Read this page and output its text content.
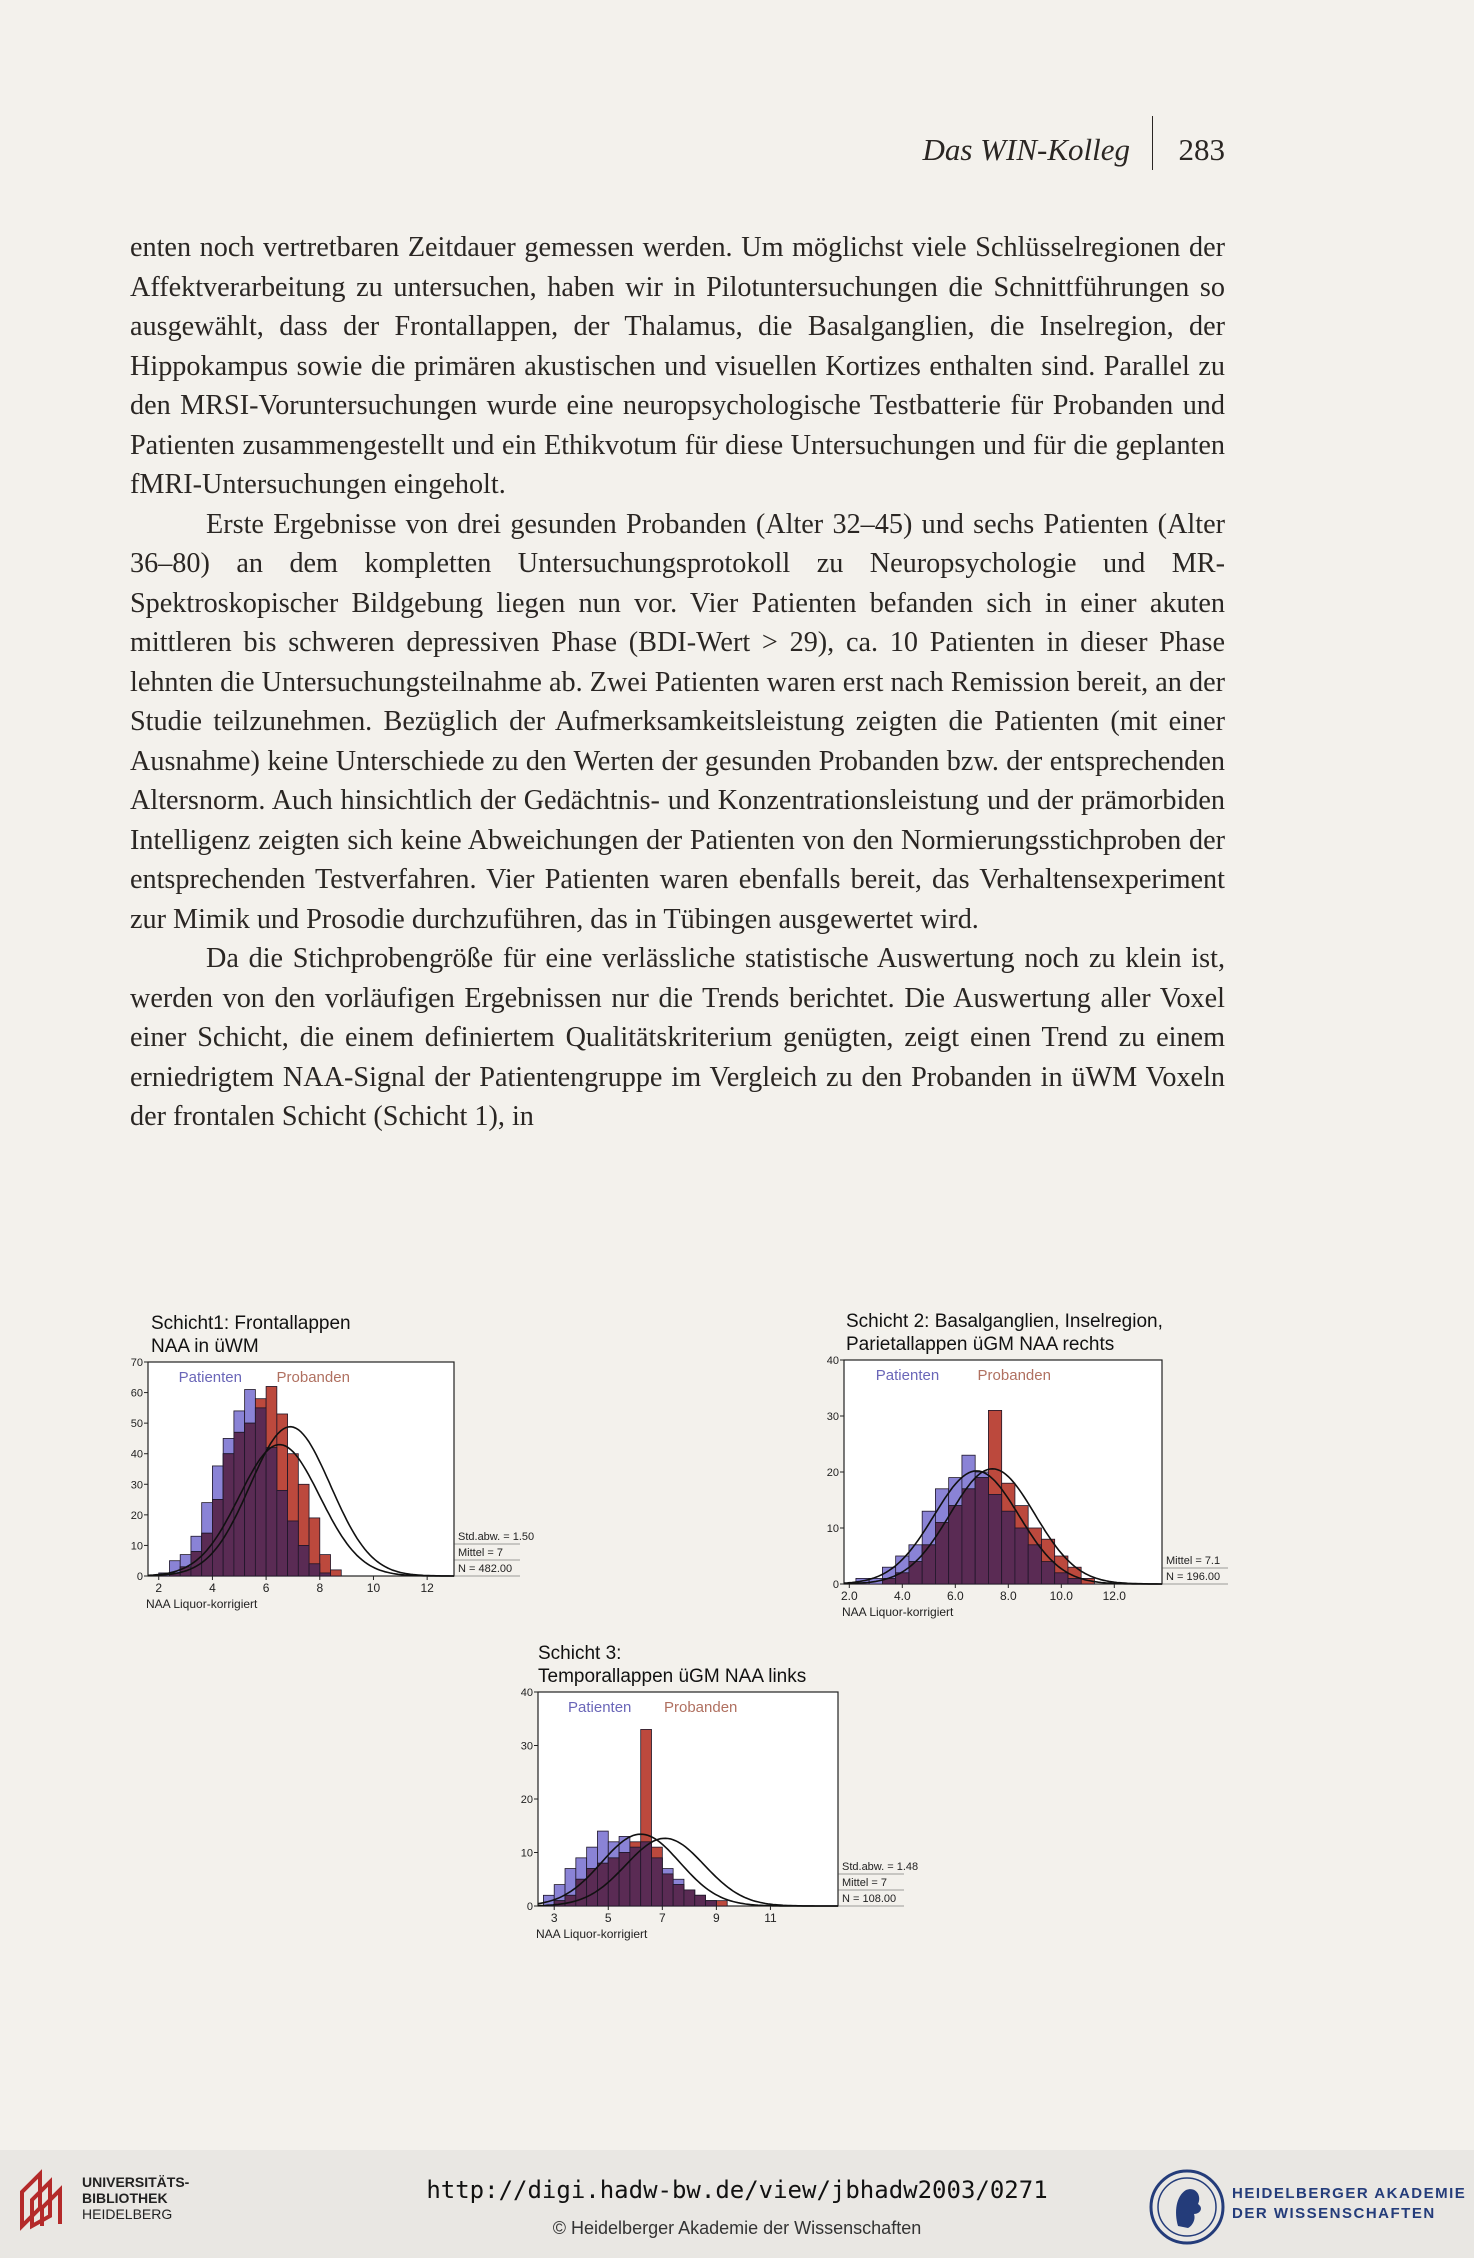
Das WIN-Kolleg 283

enten noch vertretbaren Zeitdauer gemessen werden. Um möglichst viele Schlüsselregionen der Affektverarbeitung zu untersuchen, haben wir in Pilotuntersuchungen die Schnittführungen so ausgewählt, dass der Frontallappen, der Thalamus, die Basalganglien, die Inselregion, der Hippokampus sowie die primären akustischen und visuellen Kortizes enthalten sind. Parallel zu den MRSI-Voruntersuchungen wurde eine neuropsychologische Testbatterie für Probanden und Patienten zusammengestellt und ein Ethikvotum für diese Untersuchungen und für die geplanten fMRI-Untersuchungen eingeholt.

Erste Ergebnisse von drei gesunden Probanden (Alter 32–45) und sechs Patienten (Alter 36–80) an dem kompletten Untersuchungsprotokoll zu Neuropsychologie und MR-Spektroskopischer Bildgebung liegen nun vor. Vier Patienten befanden sich in einer akuten mittleren bis schweren depressiven Phase (BDI-Wert > 29), ca. 10 Patienten in dieser Phase lehnten die Untersuchungsteilnahme ab. Zwei Patienten waren erst nach Remission bereit, an der Studie teilzunehmen. Bezüglich der Aufmerksamkeitsleistung zeigten die Patienten (mit einer Ausnahme) keine Unterschiede zu den Werten der gesunden Probanden bzw. der entsprechenden Altersnorm. Auch hinsichtlich der Gedächtnis- und Konzentrationsleistung und der prämorbiden Intelligenz zeigten sich keine Abweichungen der Patienten von den Normierungsstichproben der entsprechenden Testverfahren. Vier Patienten waren ebenfalls bereit, das Verhaltensexperiment zur Mimik und Prosodie durchzuführen, das in Tübingen ausgewertet wird.

Da die Stichprobengröße für eine verlässliche statistische Auswertung noch zu klein ist, werden von den vorläufigen Ergebnissen nur die Trends berichtet. Die Auswertung aller Voxel einer Schicht, die einem definiertem Qualitätskriterium genügten, zeigt einen Trend zu einem erniedrigtem NAA-Signal der Patientengruppe im Vergleich zu den Probanden in üWM Voxeln der frontalen Schicht (Schicht 1), in

Schicht1: Frontallappen
NAA in üWM
0
10
20
30
40
50
60
70
2	4	6	8	10	12
NAA Liquor-korrigiert
Patienten Probanden
Std.abw. = 1.50
Mittel = 7
N = 482.00
Schicht 2: Basalganglien, Inselregion,
Parietallappen üGM NAA rechts
0
10
20
30
40
2.0	4.0	6.0	8.0	10.0 12.0
NAA Liquor-korrigiert
Patienten	Probanden
Mittel = 7.1
N = 196.00
Schicht 3:
Temporallappen üGM NAA links
0
10
20
30
40
3	5	7	9	11
NAA Liquor-korrigiert
Patienten Probanden
Std.abw. = 1.48
Mittel = 7
N = 108.00
UNIVERSITÄTS-
BIBLIOTHEK
HEIDELBERG
http://digi.hadw-bw.de/view/jbhadw2003/0271
© Heidelberger Akademie der Wissenschaften
HEIDELBERGER AKADEMIE
DER WISSENSCHAFTEN
